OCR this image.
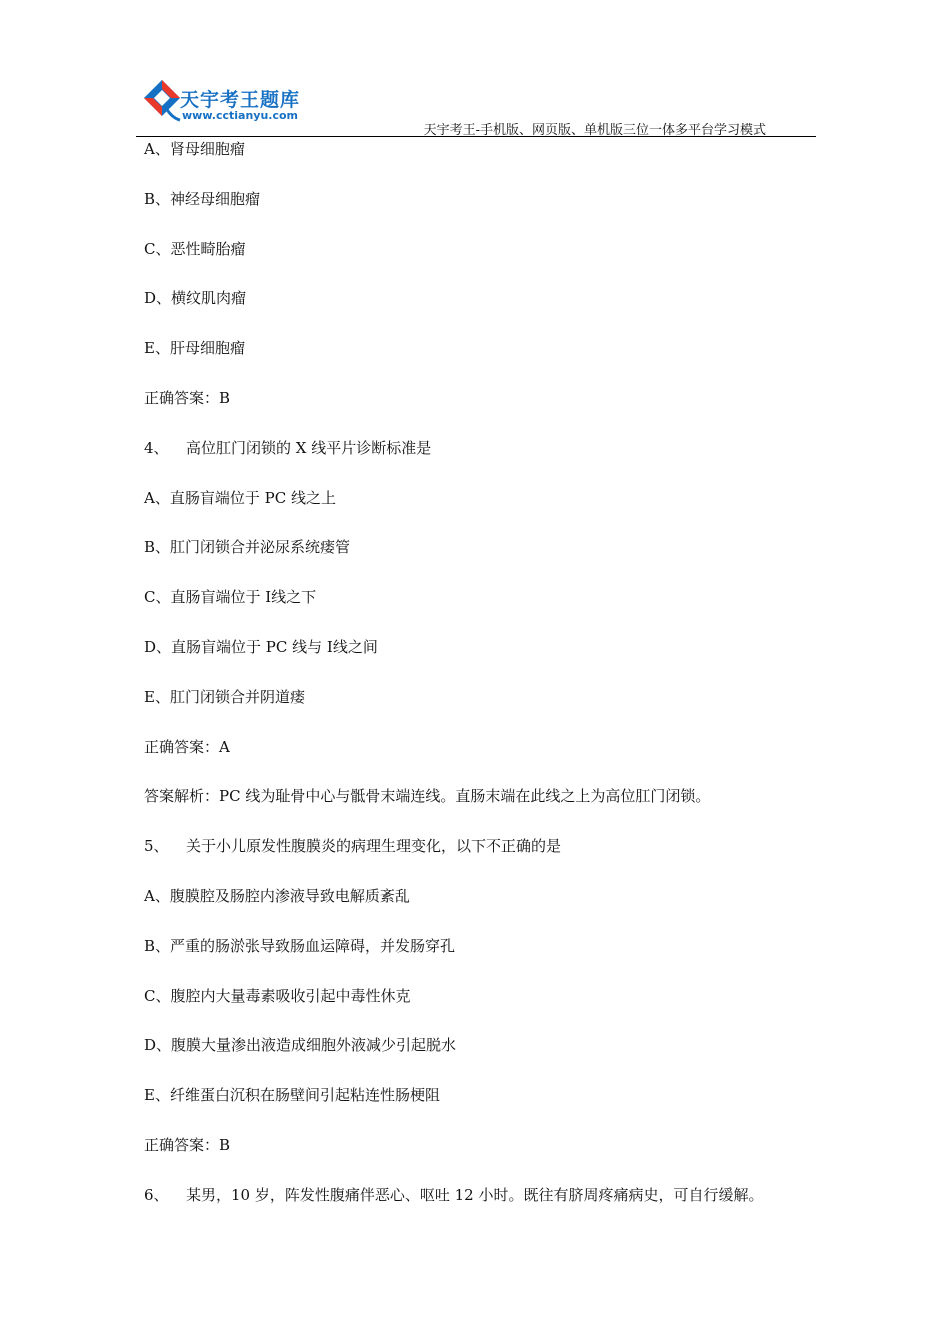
天宇考王题库
www.cctianyu.com
天宇考王-手机版、网页版、单机版三位一体多平台学习模式
A、肾母细胞瘤
B、神经母细胞瘤
C、恶性畸胎瘤
D、横纹肌肉瘤
E、肝母细胞瘤
正确答案：B
4、 高位肛门闭锁的 X 线平片诊断标准是
A、直肠盲端位于 PC 线之上
B、肛门闭锁合并泌尿系统瘘管
C、直肠盲端位于 I线之下
D、直肠盲端位于 PC 线与 I线之间
E、肛门闭锁合并阴道瘘
正确答案：A
答案解析：PC 线为耻骨中心与骶骨末端连线。直肠末端在此线之上为高位肛门闭锁。
5、 关于小儿原发性腹膜炎的病理生理变化，以下不正确的是
A、腹膜腔及肠腔内渗液导致电解质紊乱
B、严重的肠淤张导致肠血运障碍，并发肠穿孔
C、腹腔内大量毒素吸收引起中毒性休克
D、腹膜大量渗出液造成细胞外液减少引起脱水
E、纤维蛋白沉积在肠壁间引起粘连性肠梗阻
正确答案：B
6、 某男，10 岁，阵发性腹痛伴恶心、呕吐 12 小时。既往有脐周疼痛病史，可自行缓解。
